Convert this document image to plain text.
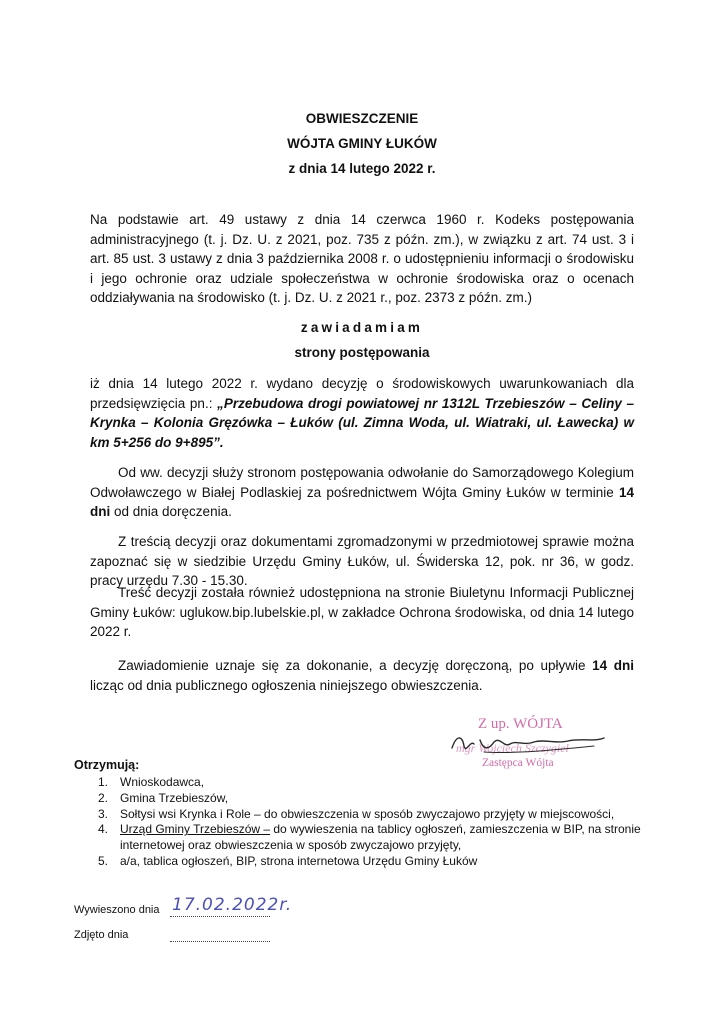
OBWIESZCZENIE
WÓJTA GMINY ŁUKÓW
z dnia 14 lutego 2022 r.
Na podstawie art. 49 ustawy z dnia 14 czerwca 1960 r. Kodeks postępowania administracyjnego (t. j. Dz. U. z 2021, poz. 735 z późn. zm.), w związku z art. 74 ust. 3 i art. 85 ust. 3 ustawy z dnia 3 października 2008 r. o udostępnieniu informacji o środowisku i jego ochronie oraz udziale społeczeństwa w ochronie środowiska oraz o ocenach oddziaływania na środowisko (t. j. Dz. U. z 2021 r., poz. 2373 z późn. zm.)
zawiadamiam
strony postępowania
iż dnia 14 lutego 2022 r. wydano decyzję o środowiskowych uwarunkowaniach dla przedsięwzięcia pn.: „Przebudowa drogi powiatowej nr 1312L Trzebieszów – Celiny – Krynka – Kolonia Gręzówka – Łuków (ul. Zimna Woda, ul. Wiatraki, ul. Ławecka) w km 5+256 do 9+895”.
Od ww. decyzji służy stronom postępowania odwołanie do Samorządowego Kolegium Odwoławczego w Białej Podlaskiej za pośrednictwem Wójta Gminy Łuków w terminie 14 dni od dnia doręczenia.
Z treścią decyzji oraz dokumentami zgromadzonymi w przedmiotowej sprawie można zapoznać się w siedzibie Urzędu Gminy Łuków, ul. Świderska 12, pok. nr 36, w godz. pracy urzędu 7.30 - 15.30.
Treść decyzji została również udostępniona na stronie Biuletynu Informacji Publicznej Gminy Łuków: uglukow.bip.lubelskie.pl, w zakładce Ochrona środowiska, od dnia 14 lutego 2022 r.
Zawiadomienie uznaje się za dokonanie, a decyzję doręczoną, po upływie 14 dni licząc od dnia publicznego ogłoszenia niniejszego obwieszczenia.
Z up. WÓJTA
mgr Wojciech Szczygieł
Zastępca Wójta
Otrzymują:
1. Wnioskodawca,
2. Gmina Trzebieszów,
3. Sołtysi wsi Krynka i Role – do obwieszczenia w sposób zwyczajowo przyjęty w miejscowości,
4. Urząd Gminy Trzebieszów – do wywieszenia na tablicy ogłoszeń, zamieszczenia w BIP, na stronie internetowej oraz obwieszczenia w sposób zwyczajowo przyjęty,
5. a/a, tablica ogłoszeń, BIP, strona internetowa Urzędu Gminy Łuków
Wywieszono dnia 17.02.2022r.
Zdjęto dnia
